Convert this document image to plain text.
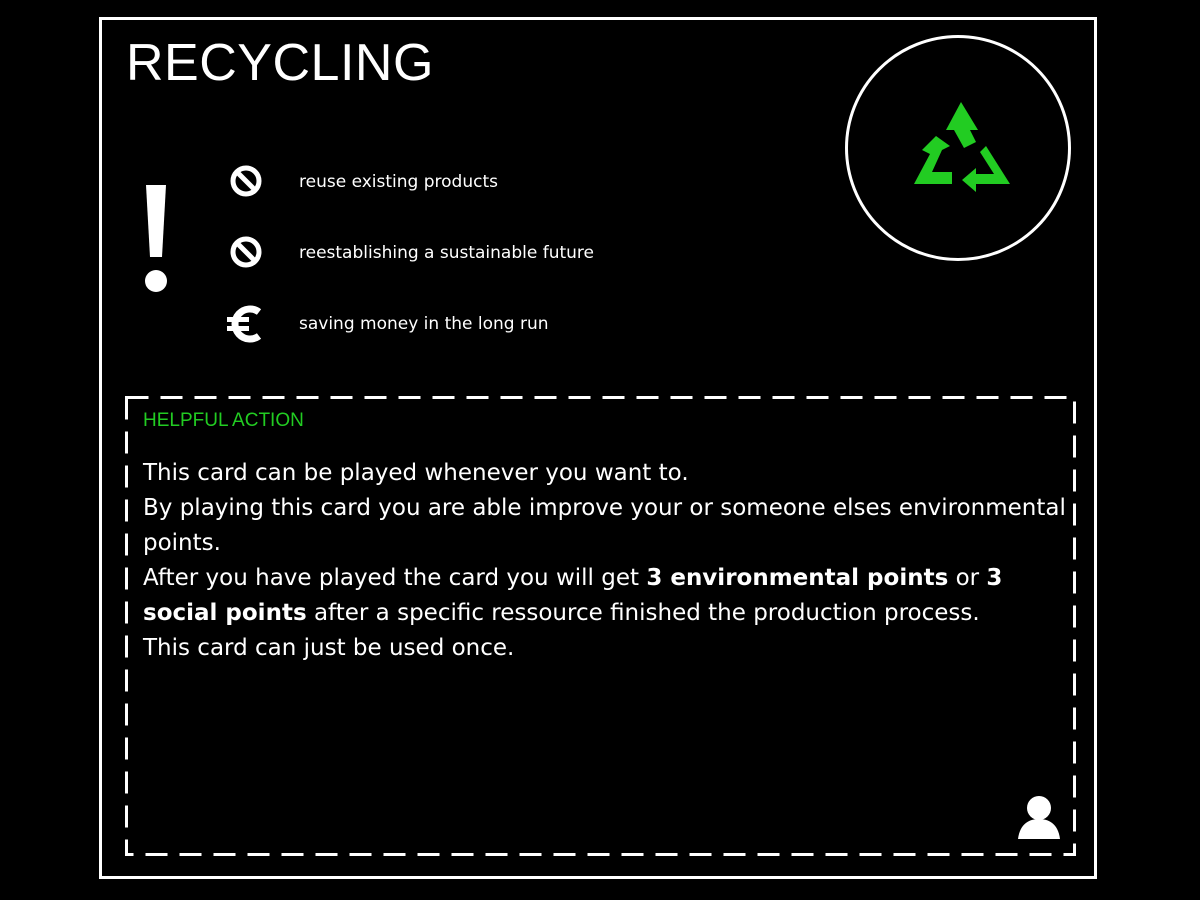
RECYCLING
reuse existing products
reestablishing a sustainable future
saving money in the long run
HELPFUL ACTION

This card can be played whenever you want to.

By playing this card you are able improve your or someone elses environmental points.

After you have played the card you will get 3 environmental points or 3 social points after a specific ressource finished the production process.

This card can just be used once.
